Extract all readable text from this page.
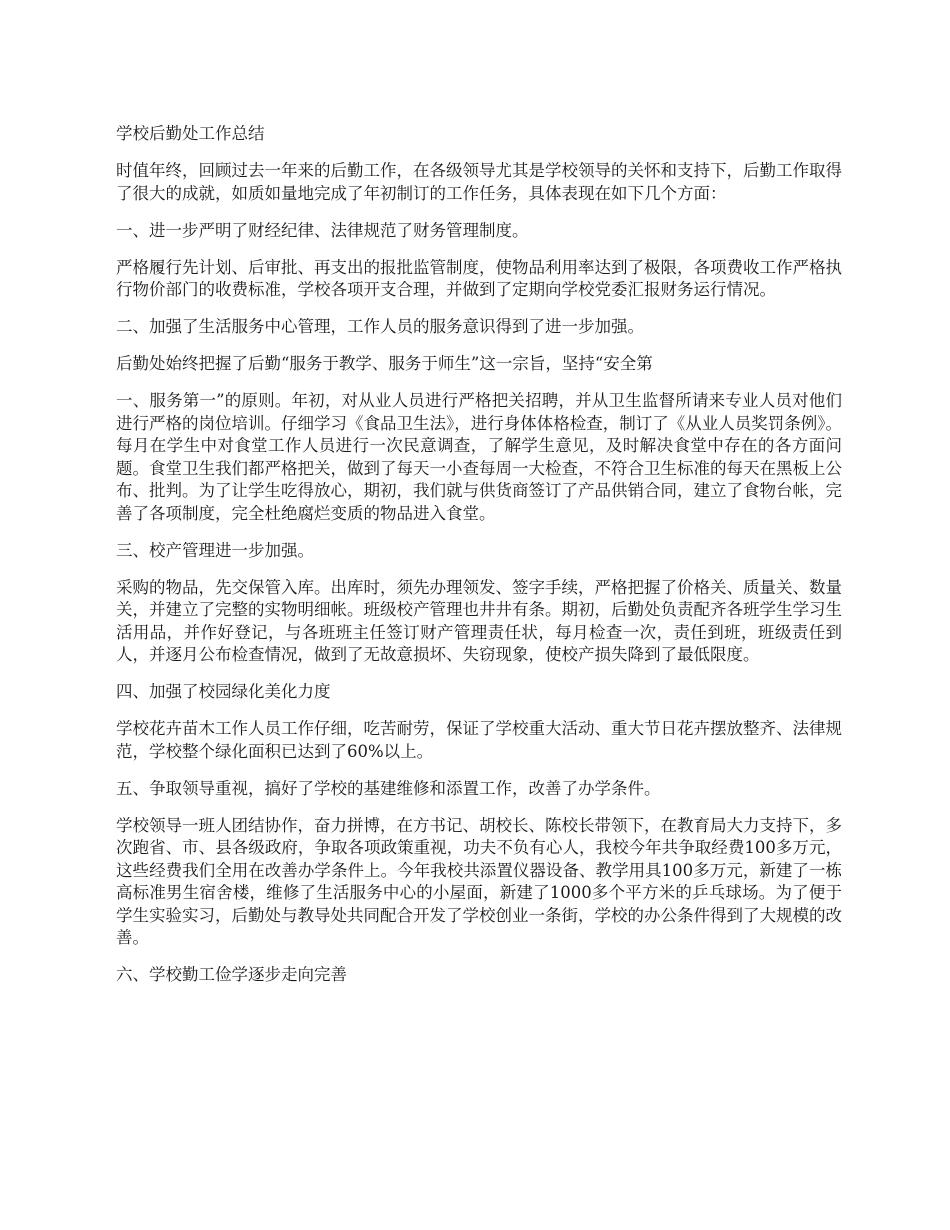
学校后勤处工作总结

时值年终，回顾过去一年来的后勤工作，在各级领导尤其是学校领导的关怀和支持下，后勤工作取得了很大的成就，如质如量地完成了年初制订的工作任务，具体表现在如下几个方面：

一、进一步严明了财经纪律、法律规范了财务管理制度。

严格履行先计划、后审批、再支出的报批监管制度，使物品利用率达到了极限，各项费收工作严格执行物价部门的收费标准，学校各项开支合理，并做到了定期向学校党委汇报财务运行情况。

二、加强了生活服务中心管理，工作人员的服务意识得到了进一步加强。

后勤处始终把握了后勤“服务于教学、服务于师生”这一宗旨，坚持“安全第

一、服务第一”的原则。年初，对从业人员进行严格把关招聘，并从卫生监督所请来专业人员对他们进行严格的岗位培训。仔细学习《食品卫生法》，进行身体体格检查，制订了《从业人员奖罚条例》。每月在学生中对食堂工作人员进行一次民意调查，了解学生意见，及时解决食堂中存在的各方面问题。食堂卫生我们都严格把关，做到了每天一小查每周一大检查，不符合卫生标准的每天在黑板上公布、批判。为了让学生吃得放心，期初，我们就与供货商签订了产品供销合同，建立了食物台帐，完善了各项制度，完全杜绝腐烂变质的物品进入食堂。

三、校产管理进一步加强。

采购的物品，先交保管入库。出库时，须先办理领发、签字手续，严格把握了价格关、质量关、数量关，并建立了完整的实物明细帐。班级校产管理也井井有条。期初，后勤处负责配齐各班学生学习生活用品，并作好登记，与各班班主任签订财产管理责任状，每月检查一次，责任到班，班级责任到人，并逐月公布检查情况，做到了无故意损坏、失窃现象，使校产损失降到了最低限度。

四、加强了校园绿化美化力度

学校花卉苗木工作人员工作仔细，吃苦耐劳，保证了学校重大活动、重大节日花卉摆放整齐、法律规范，学校整个绿化面积已达到了60%以上。

五、争取领导重视，搞好了学校的基建维修和添置工作，改善了办学条件。

学校领导一班人团结协作，奋力拼博，在方书记、胡校长、陈校长带领下，在教育局大力支持下，多次跑省、市、县各级政府，争取各项政策重视，功夫不负有心人，我校今年共争取经费100多万元，这些经费我们全用在改善办学条件上。今年我校共添置仪器设备、教学用具100多万元，新建了一栋高标准男生宿舍楼，维修了生活服务中心的小屋面，新建了1000多个平方米的乒乓球场。为了便于学生实验实习，后勤处与教导处共同配合开发了学校创业一条街，学校的办公条件得到了大规模的改善。

六、学校勤工俭学逐步走向完善
